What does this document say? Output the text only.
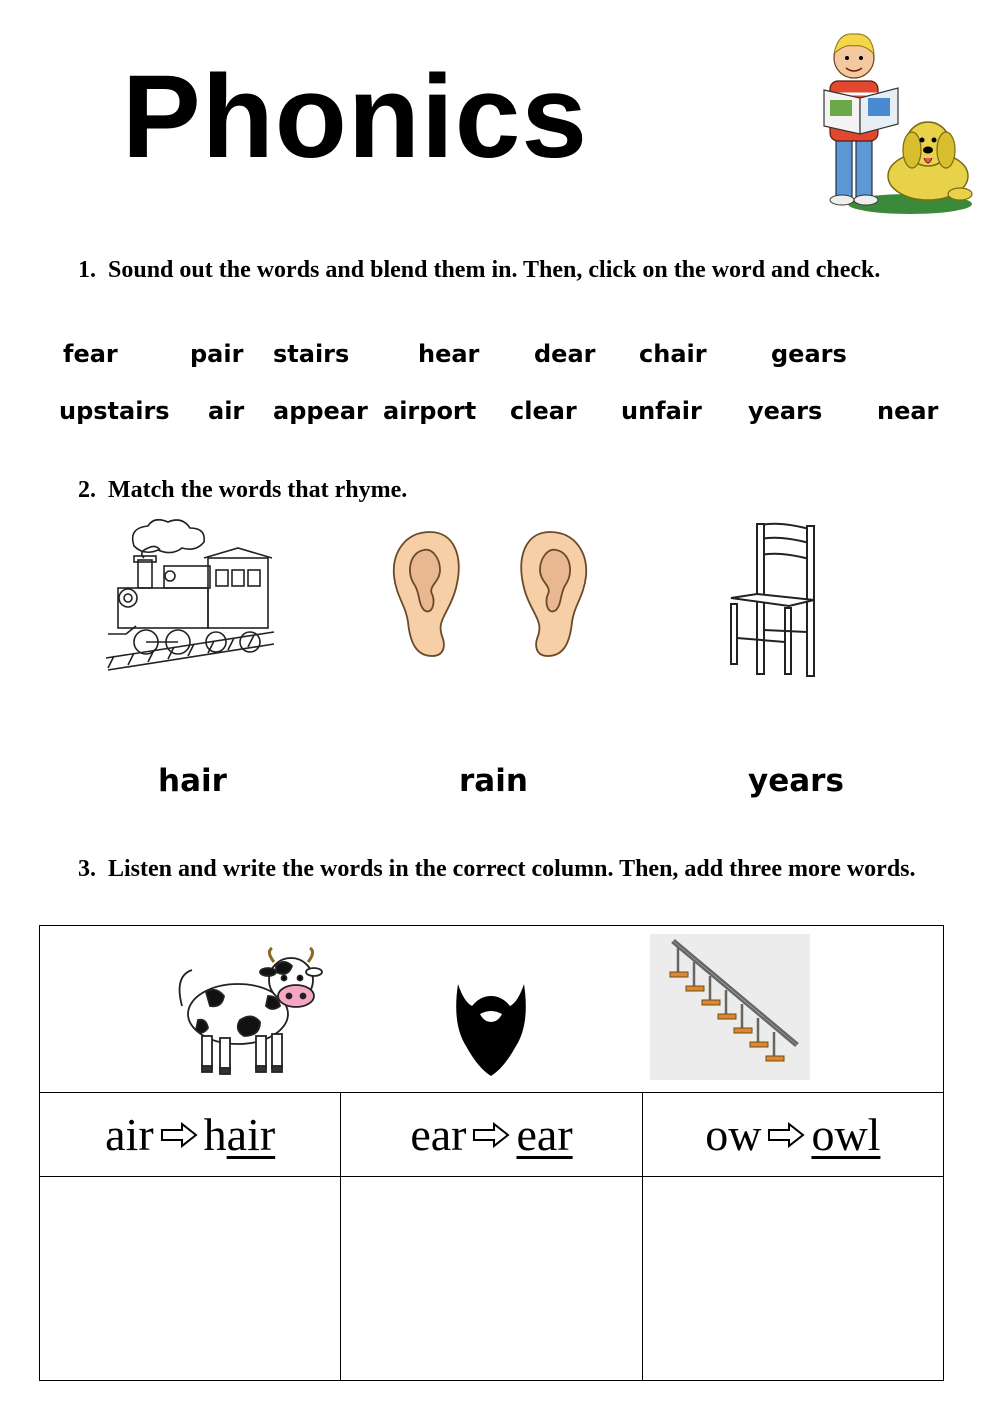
Phonics
1. Sound out the words and blend them in. Then, click on the word and check.
fear	pair stairs	hear dear chair	gears
upstairs air appear airport clear unfair years near
2. Match the words that rhyme.
hair	rain	years
3. Listen and write the words in the correct column. Then, add three more words.

air hair	ear ear	ow owl
